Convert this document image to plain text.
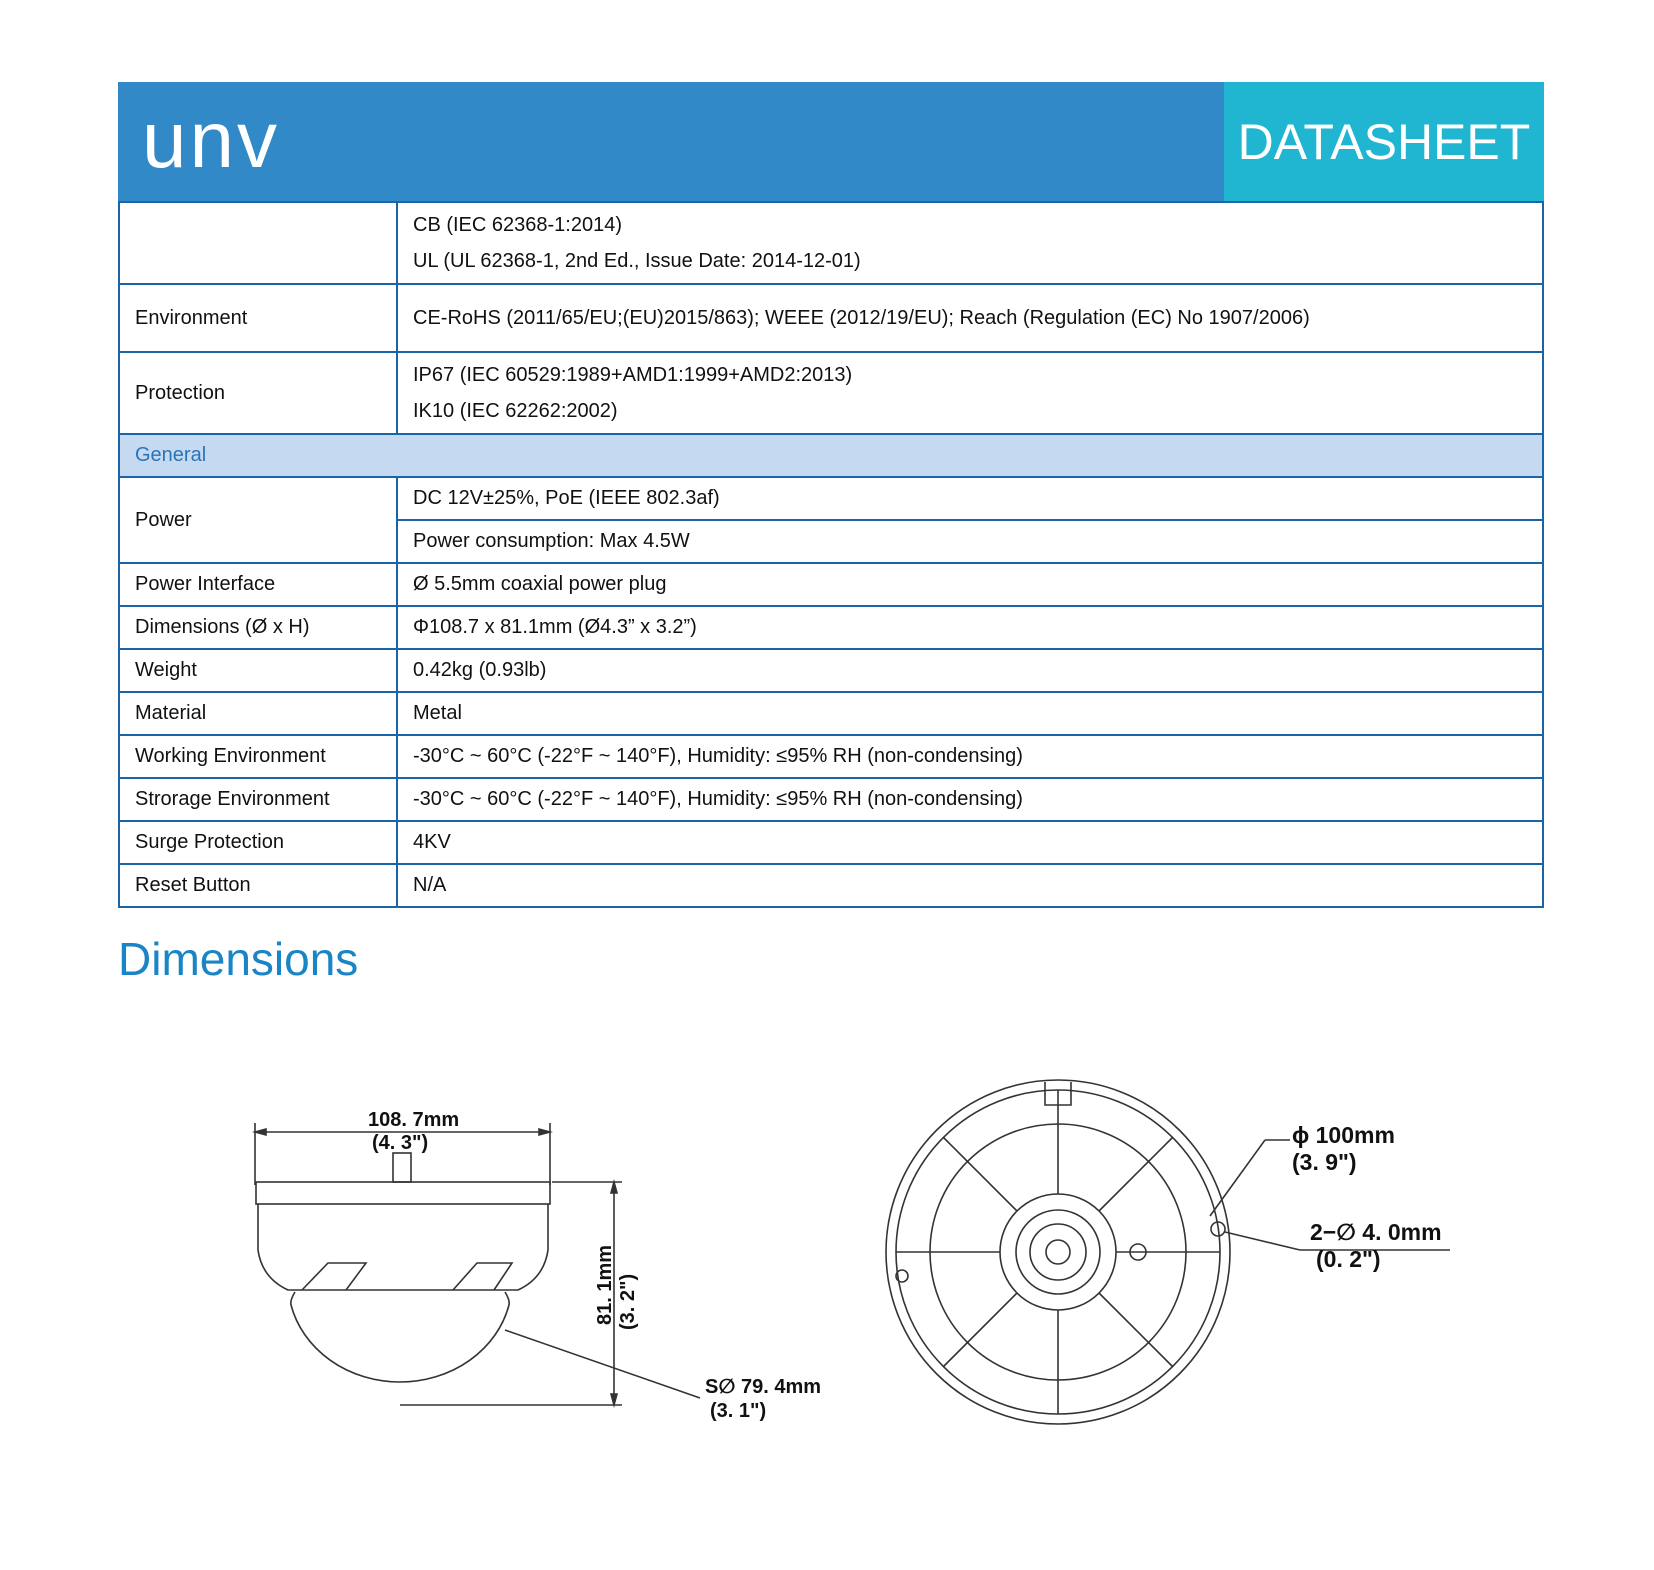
unv	DATASHEET

	CB (IEC 62368-1:2014)
UL (UL 62368-1, 2nd Ed., Issue Date: 2014-12-01)

Environment	CE-RoHS (2011/65/EU;(EU)2015/863); WEEE (2012/19/EU); Reach (Regulation (EC) No 1907/2006)
Protection	IP67 (IEC 60529:1989+AMD1:1999+AMD2:2013)
IK10 (IEC 62262:2002)

General	
Power	DC 12V±25%, PoE (IEEE 802.3af)
	Power consumption: Max 4.5W
Power Interface	Ø 5.5mm coaxial power plug
Dimensions (Ø x H)	Φ108.7 x 81.1mm (Ø4.3” x 3.2”)
Weight	0.42kg (0.93lb)
Material	Metal
Working Environment	-30°C ~ 60°C (-22°F ~ 140°F), Humidity: ≤95% RH (non-condensing)
Strorage Environment	-30°C ~ 60°C (-22°F ~ 140°F), Humidity: ≤95% RH (non-condensing)
Surge Protection	4KV
Reset Button	N/A
Dimensions
108. 7mm
(4. 3")
81. 1mm (3. 2")
S∅ 79. 4mm
(3. 1")
ϕ 100mm
(3. 9")
2−∅ 4. 0mm
(0. 2")
